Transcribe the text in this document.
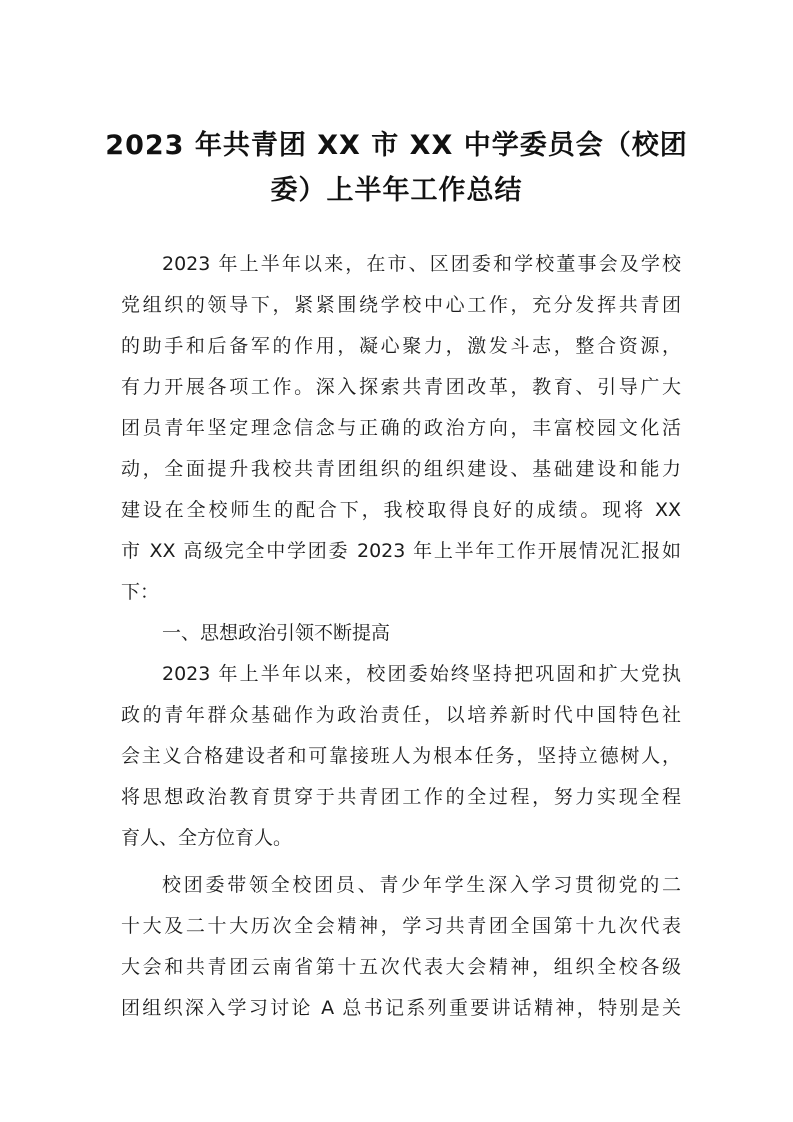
2023 年共青团 XX 市 XX 中学委员会（校团
委）上半年工作总结
2023 年上半年以来，在市、区团委和学校董事会及学校
党组织的领导下，紧紧围绕学校中心工作，充分发挥共青团
的助手和后备军的作用，凝心聚力，激发斗志，整合资源，
有力开展各项工作。深入探索共青团改革，教育、引导广大
团员青年坚定理念信念与正确的政治方向，丰富校园文化活
动，全面提升我校共青团组织的组织建设、基础建设和能力
建设在全校师生的配合下，我校取得良好的成绩。现将 XX
市 XX 高级完全中学团委 2023 年上半年工作开展情况汇报如
下：
一、思想政治引领不断提高
2023 年上半年以来，校团委始终坚持把巩固和扩大党执
政的青年群众基础作为政治责任，以培养新时代中国特色社
会主义合格建设者和可靠接班人为根本任务，坚持立德树人，
将思想政治教育贯穿于共青团工作的全过程，努力实现全程
育人、全方位育人。
校团委带领全校团员、青少年学生深入学习贯彻党的二
十大及二十大历次全会精神，学习共青团全国第十九次代表
大会和共青团云南省第十五次代表大会精神，组织全校各级
团组织深入学习讨论 A 总书记系列重要讲话精神，特别是关
